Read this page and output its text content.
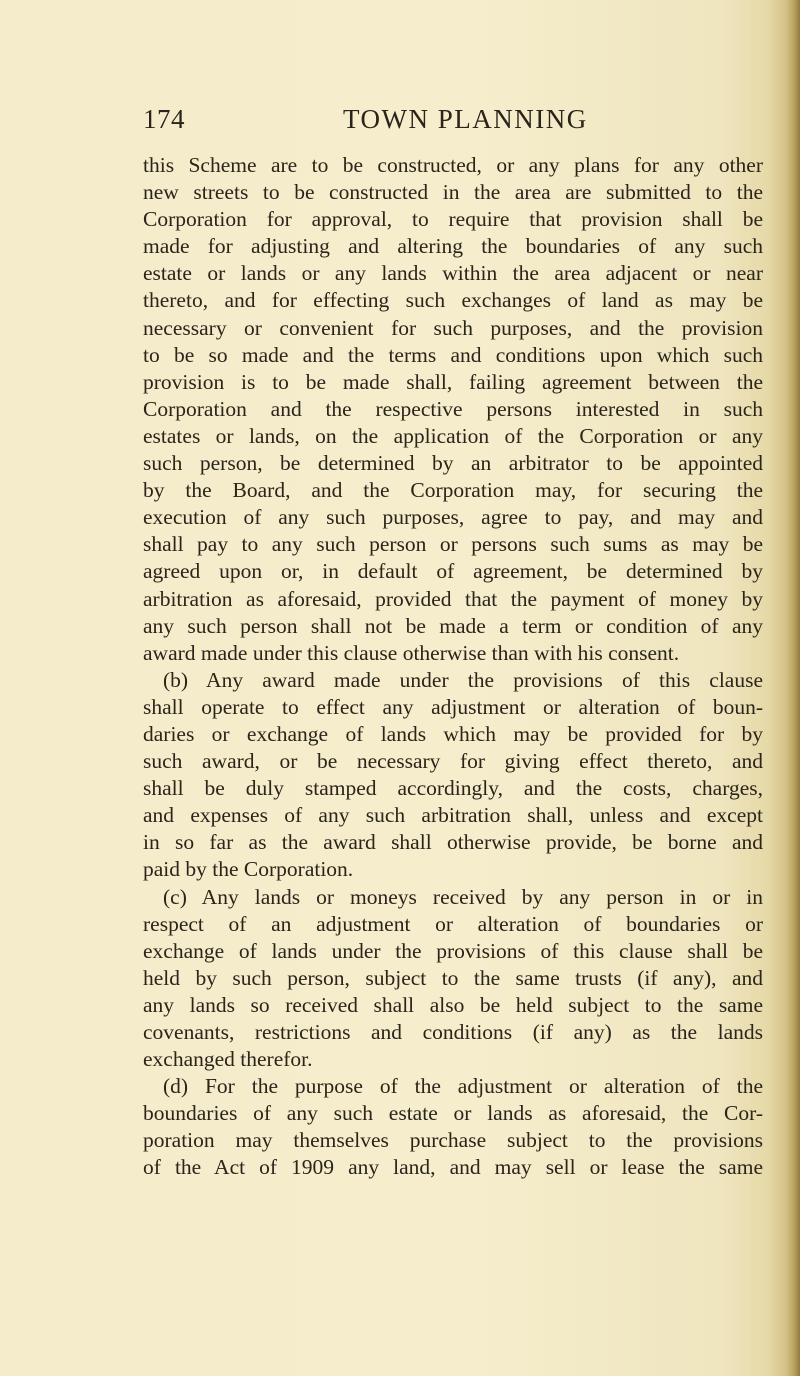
174	TOWN PLANNING
this Scheme are to be constructed, or any plans for any other
new streets to be constructed in the area are submitted to the
Corporation for approval, to require that provision shall be
made for adjusting and altering the boundaries of any such
estate or lands or any lands within the area adjacent or near
thereto, and for effecting such exchanges of land as may be
necessary or convenient for such purposes, and the provision
to be so made and the terms and conditions upon which such
provision is to be made shall, failing agreement between the
Corporation and the respective persons interested in such
estates or lands, on the application of the Corporation or any
such person, be determined by an arbitrator to be appointed
by the Board, and the Corporation may, for securing the
execution of any such purposes, agree to pay, and may and
shall pay to any such person or persons such sums as may be
agreed upon or, in default of agreement, be determined by
arbitration as aforesaid, provided that the payment of money by
any such person shall not be made a term or condition of any
award made under this clause otherwise than with his consent.
(b) Any award made under the provisions of this clause
shall operate to effect any adjustment or alteration of boun-
daries or exchange of lands which may be provided for by
such award, or be necessary for giving effect thereto, and
shall be duly stamped accordingly, and the costs, charges,
and expenses of any such arbitration shall, unless and except
in so far as the award shall otherwise provide, be borne and
paid by the Corporation.
(c) Any lands or moneys received by any person in or in
respect of an adjustment or alteration of boundaries or
exchange of lands under the provisions of this clause shall be
held by such person, subject to the same trusts (if any), and
any lands so received shall also be held subject to the same
covenants, restrictions and conditions (if any) as the lands
exchanged therefor.
(d) For the purpose of the adjustment or alteration of the
boundaries of any such estate or lands as aforesaid, the Cor-
poration may themselves purchase subject to the provisions
of the Act of 1909 any land, and may sell or lease the same
